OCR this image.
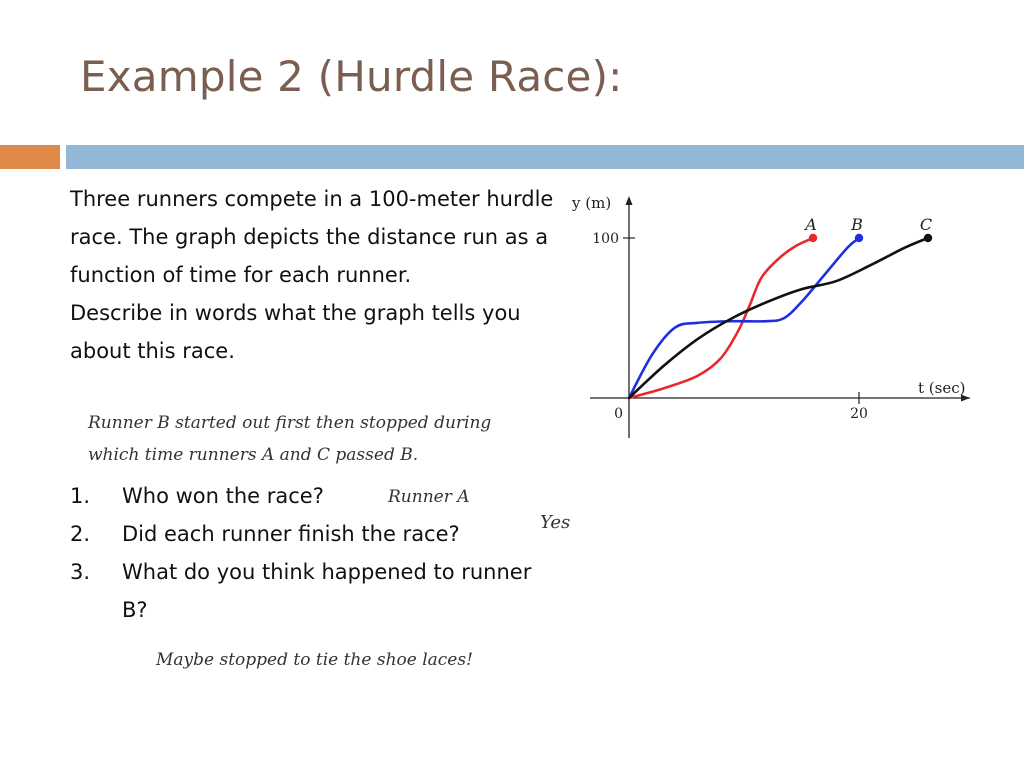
Example 2 (Hurdle Race):

Three runners compete in a 100-meter hurdle race. The graph depicts the distance run as a function of time for each runner.

Describe in words what the graph tells you about this race.

Runner B started out first then stopped during
which time runners A and C passed B.
1.	Who won the race?
2.	Did each runner finish the race?
3.	What do you think happened to runner B?
Runner A
Yes
Maybe stopped to tie the shoe laces!
y (m)
t (sec)
100
0	20
A B	C
